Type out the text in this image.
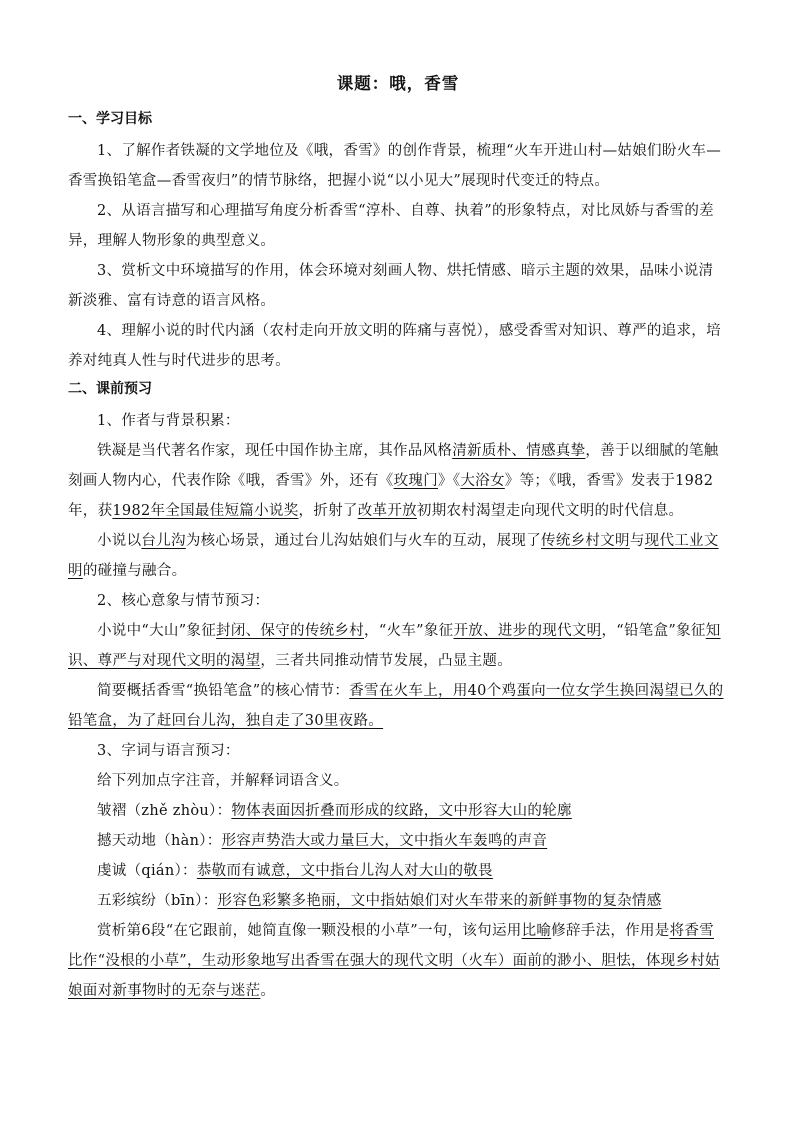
课题：哦，香雪
一、学习目标

1、了解作者铁凝的文学地位及《哦，香雪》的创作背景，梳理“火车开进山村—姑娘们盼火车—香雪换铅笔盒—香雪夜归”的情节脉络，把握小说“以小见大”展现时代变迁的特点。

2、从语言描写和心理描写角度分析香雪“淳朴、自尊、执着”的形象特点，对比凤娇与香雪的差异，理解人物形象的典型意义。

3、赏析文中环境描写的作用，体会环境对刻画人物、烘托情感、暗示主题的效果，品味小说清新淡雅、富有诗意的语言风格。

4、理解小说的时代内涵（农村走向开放文明的阵痛与喜悦），感受香雪对知识、尊严的追求，培养对纯真人性与时代进步的思考。

二、课前预习

1、作者与背景积累：

铁凝是当代著名作家，现任中国作协主席，其作品风格清新质朴、情感真挚，善于以细腻的笔触刻画人物内心，代表作除《哦，香雪》外，还有《玫瑰门》《大浴女》等；《哦，香雪》发表于1982年，获1982年全国最佳短篇小说奖，折射了改革开放初期农村渴望走向现代文明的时代信息。

小说以台儿沟为核心场景，通过台儿沟姑娘们与火车的互动，展现了传统乡村文明与现代工业文明的碰撞与融合。

2、核心意象与情节预习：

小说中“大山”象征封闭、保守的传统乡村，“火车”象征开放、进步的现代文明，“铅笔盒”象征知识、尊严与对现代文明的渴望，三者共同推动情节发展，凸显主题。

简要概括香雪“换铅笔盒”的核心情节：香雪在火车上，用40个鸡蛋向一位女学生换回渴望已久的铅笔盒，为了赶回台儿沟，独自走了30里夜路。

3、字词与语言预习：

给下列加点字注音，并解释词语含义。

皱褶（zhě zhòu）：物体表面因折叠而形成的纹路，文中形容大山的轮廓

撼天动地（hàn）：形容声势浩大或力量巨大，文中指火车轰鸣的声音

虔诚（qián）：恭敬而有诚意，文中指台儿沟人对大山的敬畏

五彩缤纷（bīn）：形容色彩繁多艳丽，文中指姑娘们对火车带来的新鲜事物的复杂情感

赏析第6段“在它跟前，她简直像一颗没根的小草”一句，该句运用比喻修辞手法，作用是将香雪比作“没根的小草”，生动形象地写出香雪在强大的现代文明（火车）面前的渺小、胆怯，体现乡村姑娘面对新事物时的无奈与迷茫。
